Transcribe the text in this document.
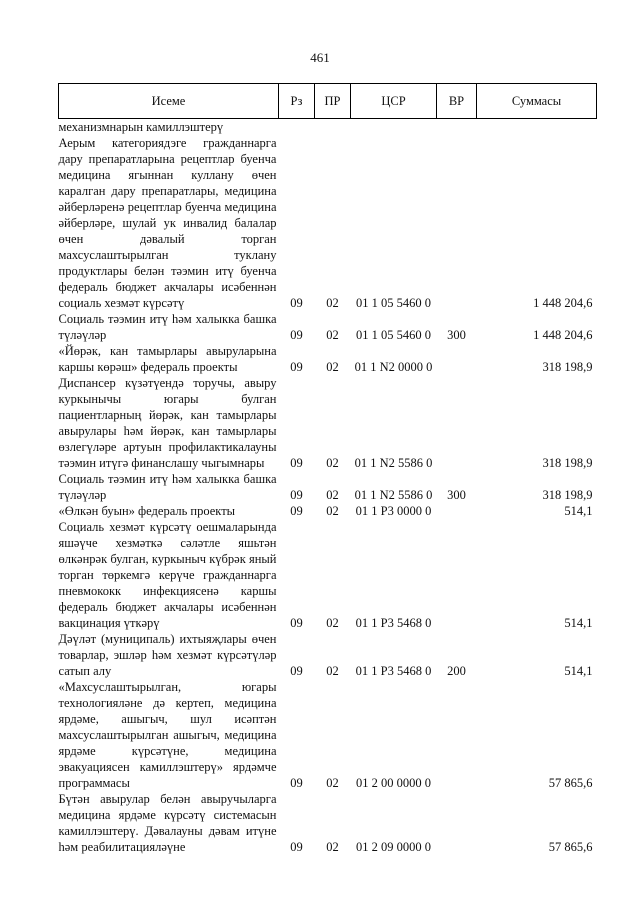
461
Исеме	Рз	ПР	ЦСР	ВР	Суммасы
механизмнарын камиллэштерү					
Аерым категориядэге гражданнарга дару препаратларына рецептлар буенча медицина ягыннан куллану өчен каралган дару препаратлары, медицина әйберләренә рецептлар буенча медицина әйберләре, шулай ук инвалид балалар өчен дәвалый торган махсуслаштырылган туклану продуктлары белән тәэмин итү буенча федераль бюджет акчалары исәбеннән социаль хезмәт күрсәтү	09	02	01 1 05 5460 0		1 448 204,6
Социаль тәэмин итү һәм халыкка башка түләүләр	09	02	01 1 05 5460 0	300	1 448 204,6
«Йөрәк, кан тамырлары авыруларына каршы көрәш» федераль проекты	09	02	01 1 N2 0000 0		318 198,9
Диспансер күзәтүендә торучы, авыру куркынычы югары булган пациентларның йөрәк, кан тамырлары авырулары һәм йөрәк, кан тамырлары өзлегүләре артуын профилактикалауны тәэмин итүгә финанслашу чыгымнары	09	02	01 1 N2 5586 0		318 198,9
Социаль тәэмин итү һәм халыкка башка түләүләр	09	02	01 1 N2 5586 0	300	318 198,9
«Өлкән буын» федераль проекты	09	02	01 1 P3 0000 0		514,1
Социаль хезмәт күрсәтү оешмаларында яшәүче хезмәткә сәләтле яшьтән өлкәнрәк булган, куркыныч күбрәк яный торган төркемгә керүче гражданнарга пневмококк инфекциясенә каршы федераль бюджет акчалары исәбеннән вакцинация үткәрү	09	02	01 1 P3 5468 0		514,1
Дәүләт (муниципаль) ихтыяҗлары өчен товарлар, эшләр һәм хезмәт күрсәтүләр сатып алу	09	02	01 1 P3 5468 0	200	514,1
«Махсуслаштырылган, югары технологияләне дә кертеп, медицина ярдәме, ашыгыч, шул исәптән махсуслаштырылган ашыгыч, медицина ярдәме күрсәтүне, медицина эвакуациясен камиллэштерү» ярдәмче программасы	09	02	01 2 00 0000 0		57 865,6
Бүтән авырулар белән авыручыларга медицина ярдәме күрсәтү системасын камиллэштерү. Дәвалауны дәвам итүне һәм реабилитацияләүне	09	02	01 2 09 0000 0		57 865,6
